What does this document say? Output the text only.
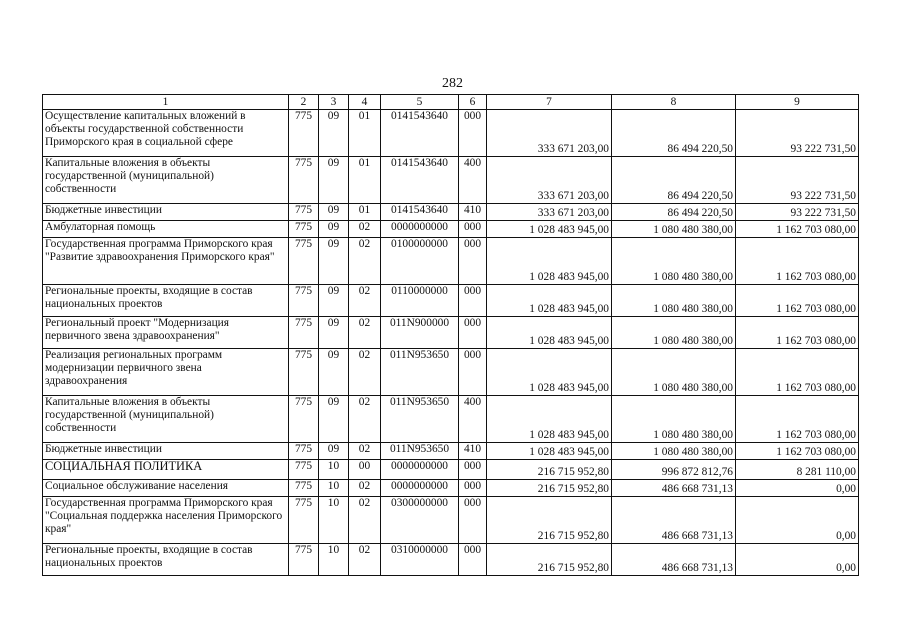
282
1	2	3	4	5	6	7	8	9
Осуществление капитальных вложений в объекты государственной собственности Приморского края в социальной сфере	775	09	01	0141543640	000	333 671 203,00	86 494 220,50	93 222 731,50
Капитальные вложения в объекты государственной (муниципальной) собственности	775	09	01	0141543640	400	333 671 203,00	86 494 220,50	93 222 731,50
Бюджетные инвестиции	775	09	01	0141543640	410	333 671 203,00	86 494 220,50	93 222 731,50
Амбулаторная помощь	775	09	02	0000000000	000	1 028 483 945,00	1 080 480 380,00	1 162 703 080,00
Государственная программа Приморского края "Развитие здравоохранения Приморского края"	775	09	02	0100000000	000	1 028 483 945,00	1 080 480 380,00	1 162 703 080,00
Региональные проекты, входящие в состав национальных проектов	775	09	02	0110000000	000	1 028 483 945,00	1 080 480 380,00	1 162 703 080,00
Региональный проект "Модернизация первичного звена здравоохранения"	775	09	02	011N900000	000	1 028 483 945,00	1 080 480 380,00	1 162 703 080,00
Реализация региональных программ модернизации первичного звена здравоохранения	775	09	02	011N953650	000	1 028 483 945,00	1 080 480 380,00	1 162 703 080,00
Капитальные вложения в объекты государственной (муниципальной) собственности	775	09	02	011N953650	400	1 028 483 945,00	1 080 480 380,00	1 162 703 080,00
Бюджетные инвестиции	775	09	02	011N953650	410	1 028 483 945,00	1 080 480 380,00	1 162 703 080,00
СОЦИАЛЬНАЯ ПОЛИТИКА	775	10	00	0000000000	000	216 715 952,80	996 872 812,76	8 281 110,00
Социальное обслуживание населения	775	10	02	0000000000	000	216 715 952,80	486 668 731,13	0,00
Государственная программа Приморского края "Социальная поддержка населения Приморского края"	775	10	02	0300000000	000	216 715 952,80	486 668 731,13	0,00
Региональные проекты, входящие в состав национальных проектов	775	10	02	0310000000	000	216 715 952,80	486 668 731,13	0,00
